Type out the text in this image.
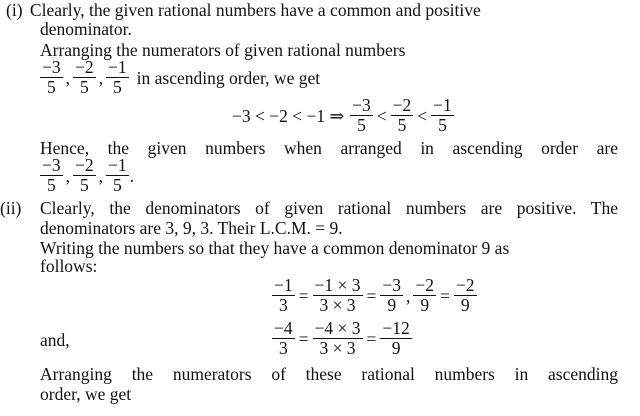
(i) Clearly, the given rational numbers have a common and positive
denominator.
Arranging the numerators of given rational numbers
−3
5 ,
−2
5 ,
−1
5 in ascending order, we get
−3 < −2 < −1 ⇒
−3
5 <
−2
5 <
−1
5
Hence, the given numbers when arranged in ascending order are
−3
5 ,
−2
5 ,
−1
5 .
(ii) Clearly, the denominators of given rational numbers are positive. The
denominators are 3, 9, 3. Their L.C.M. = 9.
Writing the numbers so that they have a common denominator 9 as
follows:
$\frac{-1}{3} = \frac{-1 \times 3}{3 \times 3} = \frac{-3}{9}$ , $\frac{-2}{9} = \frac{-2}{9}$
and,	$\frac{-4}{3} = \frac{-4 \times 3}{3 \times 3} = \frac{-12}{9}$
Arranging the numerators of these rational numbers in ascending
order, we get
